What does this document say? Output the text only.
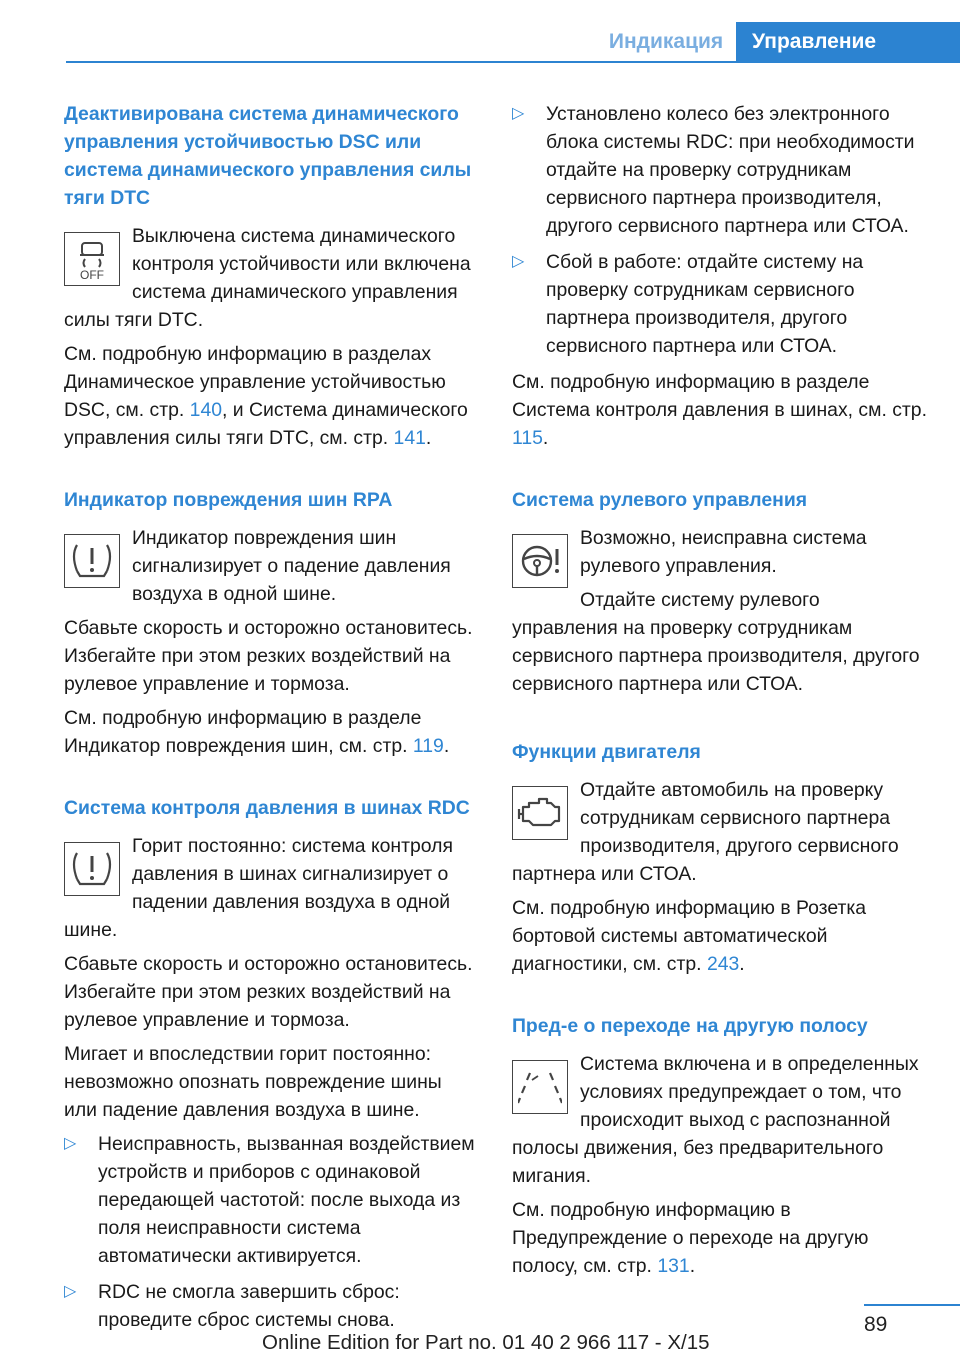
Индикация	Управление
Деактивирована система динамического управления устойчивостью DSC или система динамического управления силы тяги DTC
OFF

Выключена система динамического контроля устойчивости или включена система динамического управления силы тяги DTC.

См. подробную информацию в разделах Динамическое управление устойчивостью DSC, см. стр. 140, и Система динамического управления силы тяги DTC, см. стр. 141.

Индикатор повреждения шин RPA

Индикатор повреждения шин сигнализирует о падение давления воздуха в одной шине.

Сбавьте скорость и осторожно остановитесь. Избегайте при этом резких воздействий на рулевое управление и тормоза.

См. подробную информацию в разделе Индикатор повреждения шин, см. стр. 119.

Система контроля давления в шинах RDC

Горит постоянно: система контроля давления в шинах сигнализирует о падении давления воздуха в одной шине.

Сбавьте скорость и осторожно остановитесь. Избегайте при этом резких воздействий на рулевое управление и тормоза.

Мигает и впоследствии горит постоянно: невозможно опознать повреждение шины или падение давления воздуха в шине.

▷ Неисправность, вызванная воздействием устройств и приборов с одинаковой передающей частотой: после выхода из поля неисправности система автоматически активируется.
▷ RDC не смогла завершить сброс: проведите сброс системы снова.
▷ Установлено колесо без электронного блока системы RDC: при необходимости отдайте на проверку сотрудникам сервисного партнера производителя, другого сервисного партнера или СТОА.
▷ Сбой в работе: отдайте систему на проверку сотрудникам сервисного партнера производителя, другого сервисного партнера или СТОА.

См. подробную информацию в разделе Система контроля давления в шинах, см. стр. 115.

Система рулевого управления

Возможно, неисправна система рулевого управления.

Отдайте систему рулевого управления на проверку сотрудникам сервисного партнера производителя, другого сервисного партнера или СТОА.

Функции двигателя

Отдайте автомобиль на проверку сотрудникам сервисного партнера производителя, другого сервисного партнера или СТОА.

См. подробную информацию в Розетка бортовой системы автоматической диагностики, см. стр. 243.

Пред-е о переходе на другую полосу

Система включена и в определенных условиях предупреждает о том, что происходит выход с распознанной полосы движения, без предварительного мигания.

См. подробную информацию в Предупреждение о переходе на другую полосу, см. стр. 131.

89
Online Edition for Part no. 01 40 2 966 117 - X/15
